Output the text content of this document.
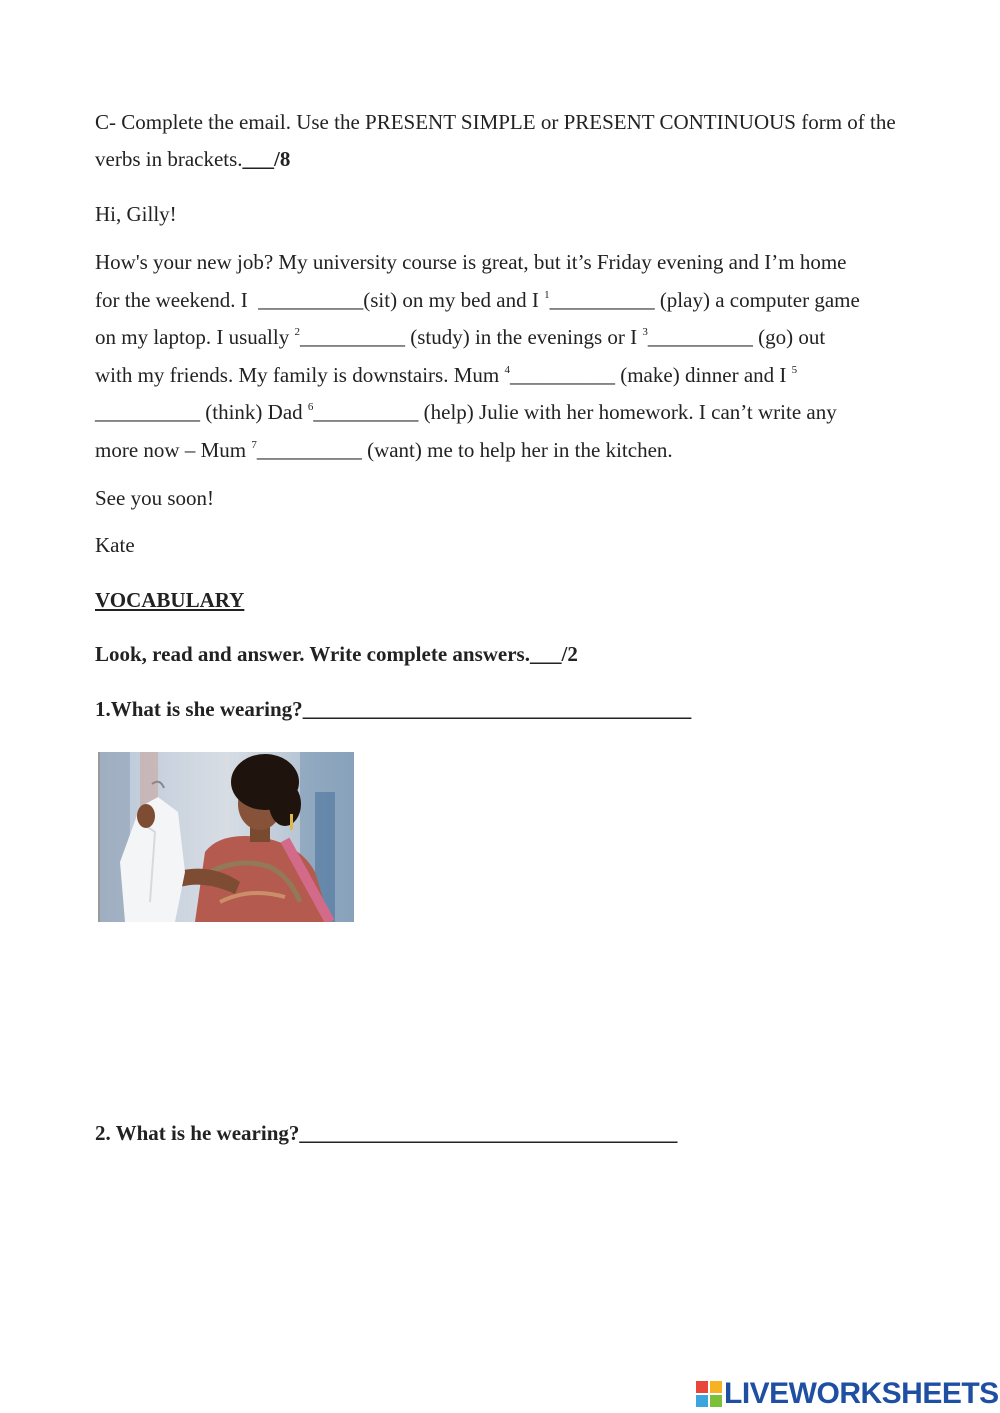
C- Complete the email. Use the PRESENT SIMPLE or PRESENT CONTINUOUS form of the

verbs in brackets.___/8

Hi, Gilly!

How's your new job? My university course is great, but it’s Friday evening and I’m home

for the weekend. I  __________(sit) on my bed and I $^1$__________ (play) a computer game

on my laptop. I usually $^2$__________ (study) in the evenings or I $^3$__________ (go) out

with my friends. My family is downstairs. Mum $^4$__________ (make) dinner and I $^5$

__________ (think) Dad $^6$__________ (help) Julie with her homework. I can’t write any

more now – Mum $^7$__________ (want) me to help her in the kitchen.

See you soon!

Kate

VOCABULARY

Look, read and answer. Write complete answers.___/2

1.What is she wearing?_____________________________________

2. What is he wearing?____________________________________

LIVEWORKSHEETS
